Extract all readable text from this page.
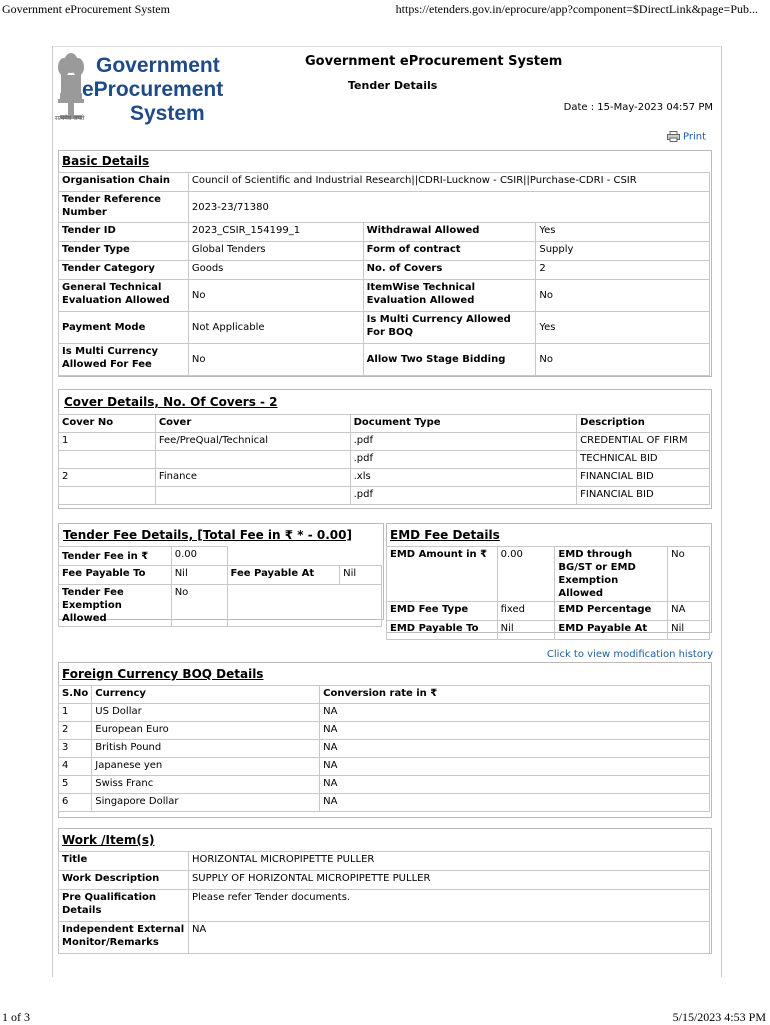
Government eProcurement System	https://etenders.gov.in/eprocure/app?component=$DirectLink&page=Pub...
Government
eProcurement
System
सत्यमेव जयते
Government eProcurement System
Tender Details
Date : 15-May-2023 04:57 PM
Print
Basic Details
Organisation Chain	Council of Scientific and Industrial Research||CDRI-Lucknow - CSIR||Purchase-CDRI - CSIR		
Tender Reference Number	2023-23/71380		
Tender ID	2023_CSIR_154199_1	Withdrawal Allowed	Yes
Tender Type	Global Tenders	Form of contract	Supply
Tender Category	Goods	No. of Covers	2
General Technical Evaluation Allowed	No	ItemWise Technical Evaluation Allowed	No
Payment Mode	Not Applicable	Is Multi Currency Allowed For BOQ	Yes
Is Multi Currency Allowed For Fee	No	Allow Two Stage Bidding	No
Cover Details, No. Of Covers - 2
Cover No	Cover	Document Type	Description
1	Fee/PreQual/Technical	.pdf	CREDENTIAL OF FIRM
		.pdf	TECHNICAL BID
2	Finance	.xls	FINANCIAL BID
		.pdf	FINANCIAL BID
Tender Fee Details, [Total Fee in ₹ * - 0.00]
Tender Fee in ₹	0.00		
Fee Payable To	Nil	Fee Payable At	Nil
Tender Fee Exemption Allowed	No		
EMD Fee Details
EMD Amount in ₹	0.00	EMD through BG/ST or EMD Exemption Allowed	No
EMD Fee Type	fixed	EMD Percentage	NA
EMD Payable To	Nil	EMD Payable At	Nil
Click to view modification history
Foreign Currency BOQ Details
S.No	Currency	Conversion rate in ₹
1	US Dollar	NA
2	European Euro	NA
3	British Pound	NA
4	Japanese yen	NA
5	Swiss Franc	NA
6	Singapore Dollar	NA
Work /Item(s)
Title	HORIZONTAL MICROPIPETTE PULLER
Work Description	SUPPLY OF HORIZONTAL MICROPIPETTE PULLER
Pre Qualification Details	Please refer Tender documents.
Independent External Monitor/Remarks	NA
1 of 3	5/15/2023 4:53 PM
